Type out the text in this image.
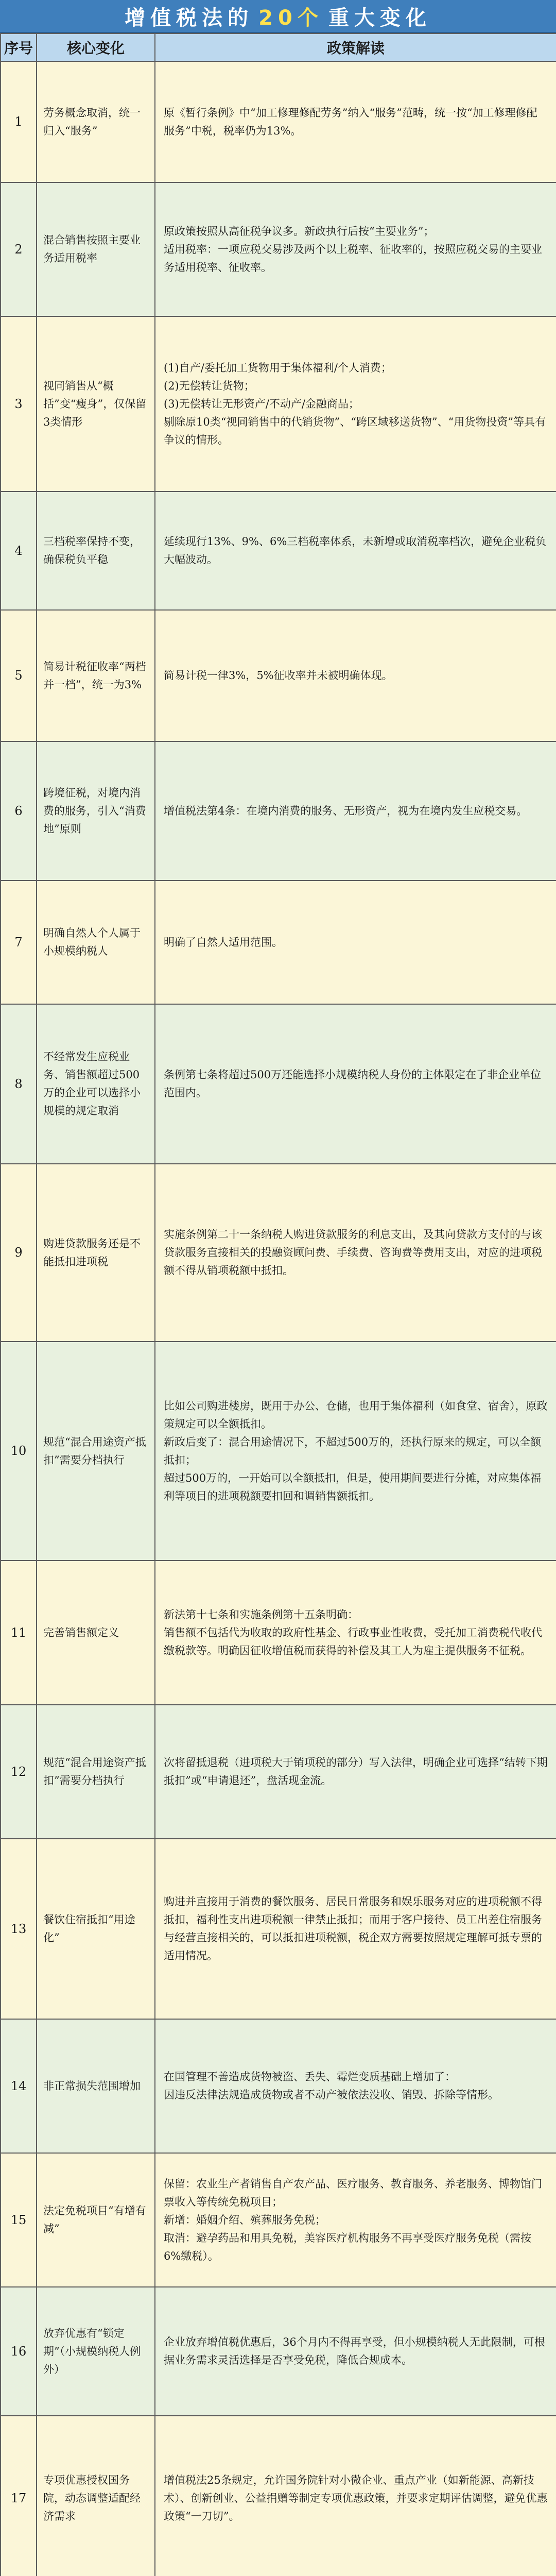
增值税法的 20个 重大变化
序号	核心变化	政策解读
1	劳务概念取消，统一归入“服务”	原《暂行条例》中“加工修理修配劳务”纳入“服务”范畴，统一按“加工修理修配服务”中税，税率仍为13%。

2	混合销售按照主要业务适用税率	原政策按照从高征税争议多。新政执行后按“主要业务”；

适用税率：一项应税交易涉及两个以上税率、征收率的，按照应税交易的主要业务适用税率、征收率。

3	视同销售从“概括”变“瘦身”，仅保留3类情形	(1)自产/委托加工货物用于集体福利/个人消费；

(2)无偿转让货物；

(3)无偿转让无形资产/不动产/金融商品；

剔除原10类“视同销售中的代销货物”、“跨区域移送货物”、“用货物投资”等具有争议的情形。

4	三档税率保持不变，确保税负平稳	延续现行13%、9%、6%三档税率体系，未新增或取消税率档次，避免企业税负大幅波动。

5	简易计税征收率“两档并一档”，统一为3%	简易计税一律3%，5%征收率并未被明确体现。

6	跨境征税，对境内消费的服务，引入“消费地”原则	增值税法第4条：在境内消费的服务、无形资产，视为在境内发生应税交易。

7	明确自然人个人属于小规模纳税人	明确了自然人适用范围。

8	不经常发生应税业务、销售额超过500万的企业可以选择小规模的规定取消	条例第七条将超过500万还能选择小规模纳税人身份的主体限定在了非企业单位范围内。

9	购进贷款服务还是不能抵扣进项税	实施条例第二十一条纳税人购进贷款服务的利息支出，及其向贷款方支付的与该贷款服务直接相关的投融资顾问费、手续费、咨询费等费用支出，对应的进项税额不得从销项税额中抵扣。

10	规范“混合用途资产抵扣”需要分档执行	比如公司购进楼房，既用于办公、仓储，也用于集体福利（如食堂、宿舍），原政策规定可以全额抵扣。

新政后变了：混合用途情况下，不超过500万的，还执行原来的规定，可以全额抵扣；

超过500万的，一开始可以全额抵扣，但是，使用期间要进行分摊，对应集体福利等项目的进项税额要扣回和调销售额抵扣。

11	完善销售额定义	新法第十七条和实施条例第十五条明确：

销售额不包括代为收取的政府性基金、行政事业性收费，受托加工消费税代收代缴税款等。明确因征收增值税而获得的补偿及其工人为雇主提供服务不征税。

12	规范“混合用途资产抵扣”需要分档执行	次将留抵退税（进项税大于销项税的部分）写入法律，明确企业可选择“结转下期抵扣”或“申请退还”，盘活现金流。

13	餐饮住宿抵扣“用途化”	购进并直接用于消费的餐饮服务、居民日常服务和娱乐服务对应的进项税额不得抵扣，福利性支出进项税额一律禁止抵扣；而用于客户接待、员工出差住宿服务与经营直接相关的，可以抵扣进项税额，税企双方需要按照规定理解可抵专票的适用情况。

14	非正常损失范围增加	在国管理不善造成货物被盗、丢失、霉烂变质基础上增加了：

因违反法律法规造成货物或者不动产被依法没收、销毁、拆除等情形。

15	法定免税项目“有增有减”	保留：农业生产者销售自产农产品、医疗服务、教育服务、养老服务、博物馆门票收入等传统免税项目；

新增：婚姻介绍、殡葬服务免税；

取消：避孕药品和用具免税，美容医疗机构服务不再享受医疗服务免税（需按6%缴税）。

16	放弃优惠有“锁定期”（小规模纳税人例外）	企业放弃增值税优惠后，36个月内不得再享受，但小规模纳税人无此限制，可根据业务需求灵活选择是否享受免税，降低合规成本。

17	专项优惠授权国务院，动态调整适配经济需求	增值税法25条规定，允许国务院针对小微企业、重点产业（如新能源、高新技术）、创新创业、公益捐赠等制定专项优惠政策，并要求定期评估调整，避免优惠政策“一刀切”。
